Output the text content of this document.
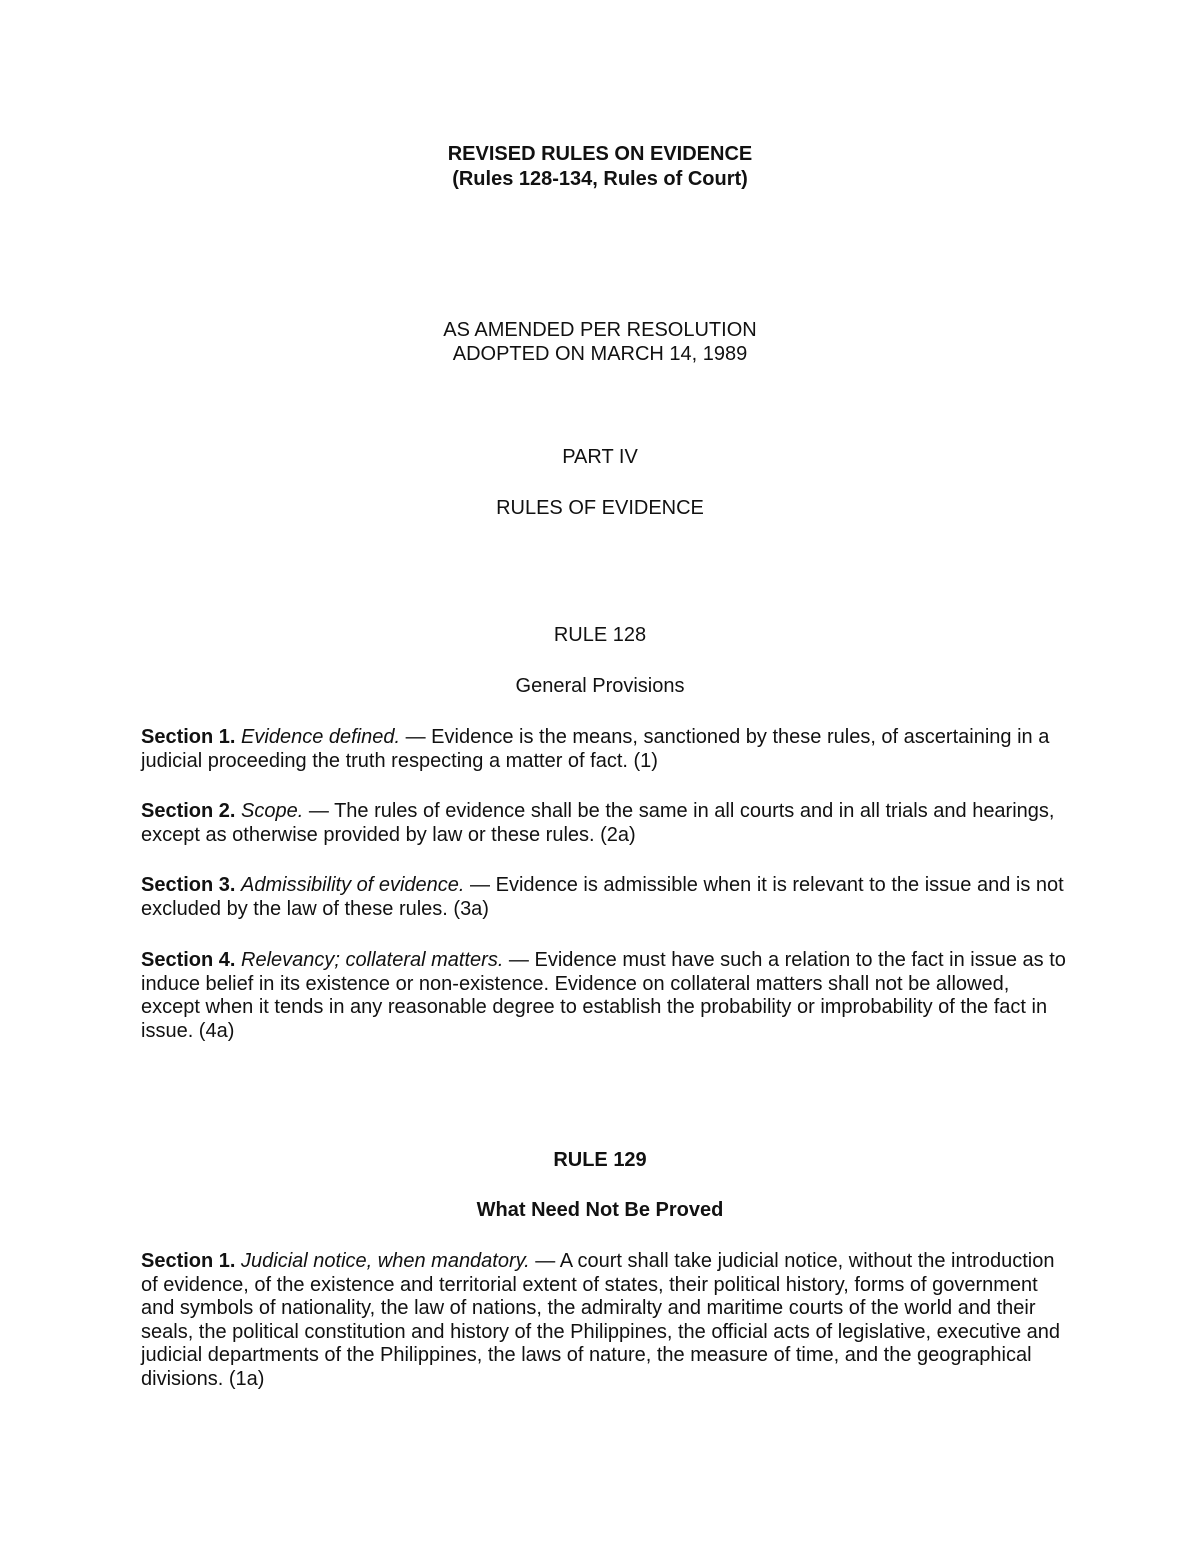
REVISED RULES ON EVIDENCE

(Rules 128-134, Rules of Court)

AS AMENDED PER RESOLUTION

ADOPTED ON MARCH 14, 1989

PART IV

RULES OF EVIDENCE

RULE 128

General Provisions

Section 1. Evidence defined. — Evidence is the means, sanctioned by these rules, of ascertaining in a judicial proceeding the truth respecting a matter of fact. (1)

Section 2. Scope. — The rules of evidence shall be the same in all courts and in all trials and hearings, except as otherwise provided by law or these rules. (2a)

Section 3. Admissibility of evidence. — Evidence is admissible when it is relevant to the issue and is not excluded by the law of these rules. (3a)

Section 4. Relevancy; collateral matters. — Evidence must have such a relation to the fact in issue as to induce belief in its existence or non-existence. Evidence on collateral matters shall not be allowed, except when it tends in any reasonable degree to establish the probability or improbability of the fact in issue. (4a)

RULE 129

What Need Not Be Proved

Section 1. Judicial notice, when mandatory. — A court shall take judicial notice, without the introduction of evidence, of the existence and territorial extent of states, their political history, forms of government and symbols of nationality, the law of nations, the admiralty and maritime courts of the world and their seals, the political constitution and history of the Philippines, the official acts of legislative, executive and judicial departments of the Philippines, the laws of nature, the measure of time, and the geographical divisions. (1a)
